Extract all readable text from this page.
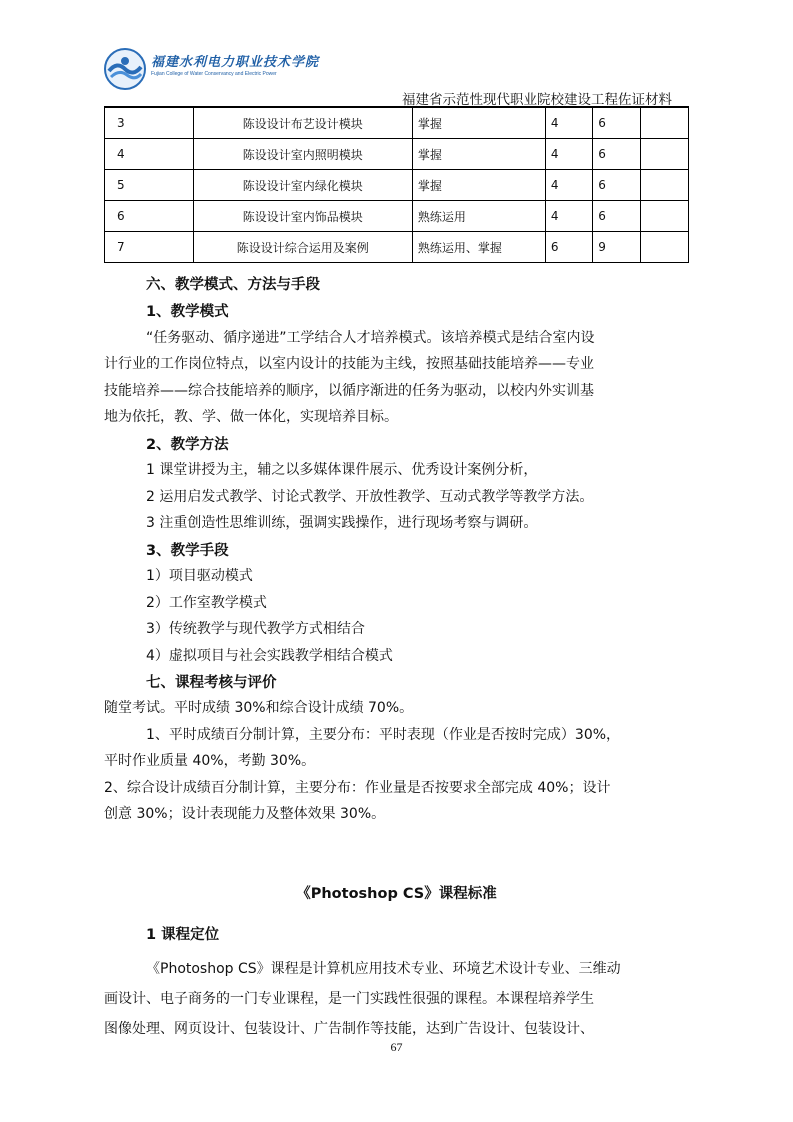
福建水利电力职业技术学院
Fujian College of Water Conservancy and Electric Power
福建省示范性现代职业院校建设工程佐证材料
3	陈设设计布艺设计模块	掌握	4	6	
4	陈设设计室内照明模块	掌握	4	6	
5	陈设设计室内绿化模块	掌握	4	6	
6	陈设设计室内饰品模块	熟练运用	4	6	
7	陈设设计综合运用及案例	熟练运用、掌握	6	9	
六、教学模式、方法与手段
1、教学模式
“任务驱动、循序递进”工学结合人才培养模式。该培养模式是结合室内设
计行业的工作岗位特点，以室内设计的技能为主线，按照基础技能培养——专业
技能培养——综合技能培养的顺序，以循序渐进的任务为驱动，以校内外实训基
地为依托，教、学、做一体化，实现培养目标。
2、教学方法
1 课堂讲授为主，辅之以多媒体课件展示、优秀设计案例分析，
2 运用启发式教学、讨论式教学、开放性教学、互动式教学等教学方法。
3 注重创造性思维训练，强调实践操作，进行现场考察与调研。
3、教学手段
1）项目驱动模式
2）工作室教学模式
3）传统教学与现代教学方式相结合
4）虚拟项目与社会实践教学相结合模式
七、课程考核与评价
随堂考试。平时成绩 30%和综合设计成绩 70%。
1、平时成绩百分制计算，主要分布：平时表现（作业是否按时完成）30%，
平时作业质量 40%，考勤 30%。
2、综合设计成绩百分制计算，主要分布：作业量是否按要求全部完成 40%；设计
创意 30%；设计表现能力及整体效果 30%。
《Photoshop CS》课程标准
1 课程定位
《Photoshop CS》课程是计算机应用技术专业、环境艺术设计专业、三维动
画设计、电子商务的一门专业课程，是一门实践性很强的课程。本课程培养学生
图像处理、网页设计、包装设计、广告制作等技能，达到广告设计、包装设计、
67
